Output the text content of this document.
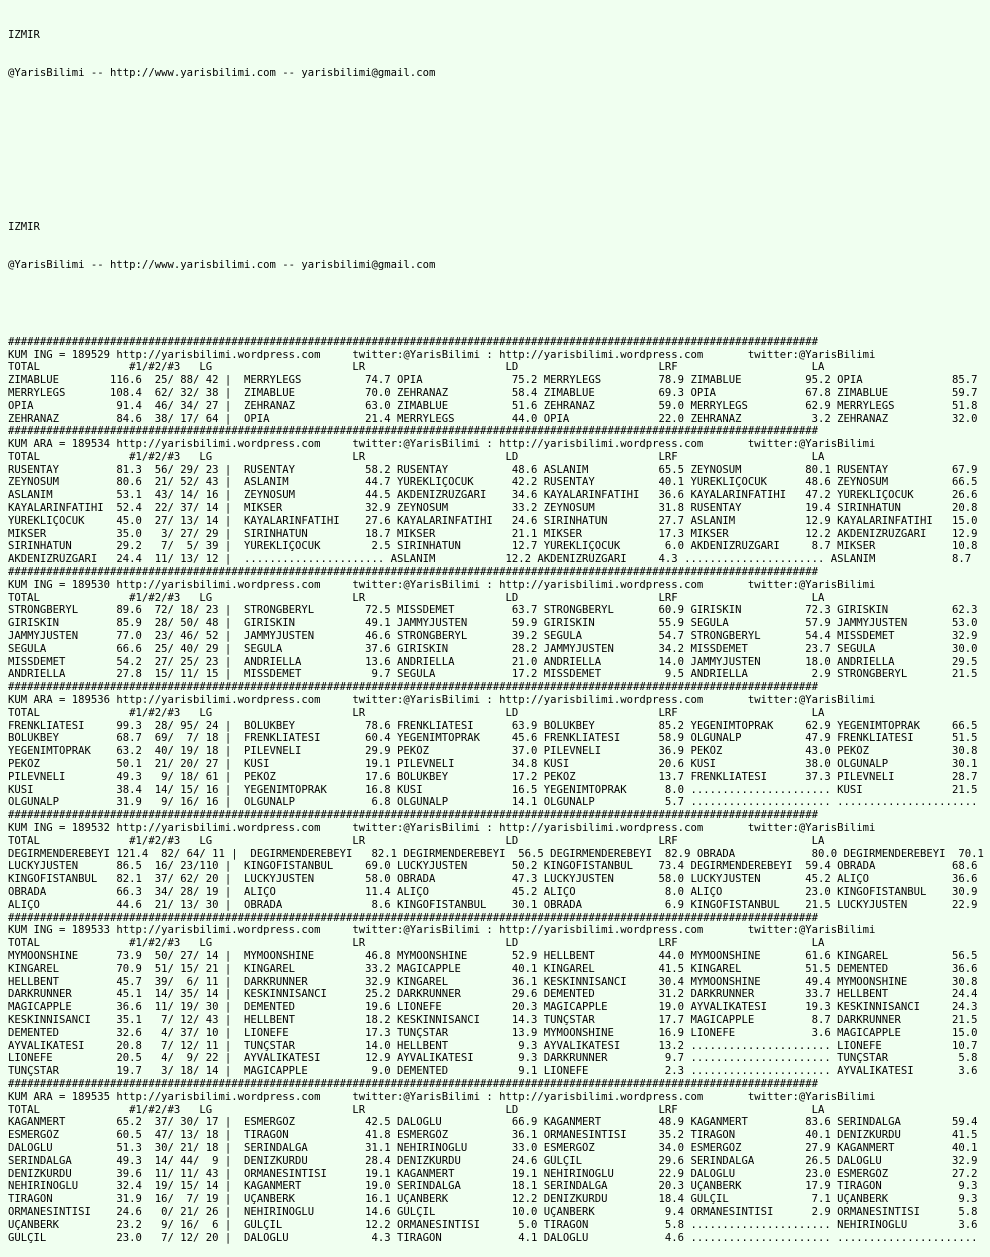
IZMIR

@YarisBilimi -- http://www.yarisbilimi.com -- yarisbilimi@gmail.com

IZMIR

@YarisBilimi -- http://www.yarisbilimi.com -- yarisbilimi@gmail.com

###############################################################################################################################
KUM ING = 189529 http://yarisbilimi.wordpress.com     twitter:@YarisBilimi : http://yarisbilimi.wordpress.com       twitter:@YarisBilimi
TOTAL              #1/#2/#3   LG                      LR                      LD                      LRF                     LA
ZIMABLUE        116.6  25/ 88/ 42 |  MERRYLEGS          74.7 OPIA              75.2 MERRYLEGS         78.9 ZIMABLUE          95.2 OPIA              85.7
MERRYLEGS       108.4  62/ 32/ 38 |  ZIMABLUE           70.0 ZEHRANAZ          58.4 ZIMABLUE          69.3 OPIA              67.8 ZIMABLUE          59.7
OPIA             91.4  46/ 34/ 27 |  ZEHRANAZ           63.0 ZIMABLUE          51.6 ZEHRANAZ          59.0 MERRYLEGS         62.9 MERRYLEGS         51.8
ZEHRANAZ         84.6  38/ 17/ 64 |  OPIA               21.4 MERRYLEGS         44.0 OPIA              22.0 ZEHRANAZ           3.2 ZEHRANAZ          32.0
###############################################################################################################################
KUM ARA = 189534 http://yarisbilimi.wordpress.com     twitter:@YarisBilimi : http://yarisbilimi.wordpress.com       twitter:@YarisBilimi
TOTAL              #1/#2/#3   LG                      LR                      LD                      LRF                     LA
RUSENTAY         81.3  56/ 29/ 23 |  RUSENTAY           58.2 RUSENTAY          48.6 ASLANIM           65.5 ZEYNOSUM          80.1 RUSENTAY          67.9
ZEYNOSUM         80.6  21/ 52/ 43 |  ASLANIM            44.7 YÜREKLIÇOCUK      42.2 RUSENTAY          40.1 YÜREKLIÇOCUK      48.6 ZEYNOSUM          66.5
ASLANIM          53.1  43/ 14/ 16 |  ZEYNOSUM           44.5 AKDENIZRÜZGARI    34.6 KAYALARINFATIHI   36.6 KAYALARINFATIHI   47.2 YÜREKLIÇOCUK      26.6
KAYALARINFATIHI  52.4  22/ 37/ 14 |  MIKSER             32.9 ZEYNOSUM          33.2 ZEYNOSUM          31.8 RUSENTAY          19.4 SIRINHATUN        20.8
YÜREKLIÇOCUK     45.0  27/ 13/ 14 |  KAYALARINFATIHI    27.6 KAYALARINFATIHI   24.6 SIRINHATUN        27.7 ASLANIM           12.9 KAYALARINFATIHI   15.0
MIKSER           35.0   3/ 27/ 29 |  SIRINHATUN         18.7 MIKSER            21.1 MIKSER            17.3 MIKSER            12.2 AKDENIZRÜZGARI    12.9
SIRINHATUN       29.2   7/  5/ 39 |  YÜREKLIÇOCUK        2.5 SIRINHATUN        12.7 YÜREKLIÇOCUK       6.0 AKDENIZRÜZGARI     8.7 MIKSER            10.8
AKDENIZRÜZGARI   24.4  11/ 13/ 12 |  ...................... ASLANIM           12.2 AKDENIZRÜZGARI     4.3 ...................... ASLANIM            8.7
###############################################################################################################################
KUM ING = 189530 http://yarisbilimi.wordpress.com     twitter:@YarisBilimi : http://yarisbilimi.wordpress.com       twitter:@YarisBilimi
TOTAL              #1/#2/#3   LG                      LR                      LD                      LRF                     LA
STRONGBERYL      89.6  72/ 18/ 23 |  STRONGBERYL        72.5 MISSDEMET         63.7 STRONGBERYL       60.9 GIRISKIN          72.3 GIRISKIN          62.3
GIRISKIN         85.9  28/ 50/ 48 |  GIRISKIN           49.1 JAMMYJUSTEN       59.9 GIRISKIN          55.9 SEGULA            57.9 JAMMYJUSTEN       53.0
JAMMYJUSTEN      77.0  23/ 46/ 52 |  JAMMYJUSTEN        46.6 STRONGBERYL       39.2 SEGULA            54.7 STRONGBERYL       54.4 MISSDEMET         32.9
SEGULA           66.6  25/ 40/ 29 |  SEGULA             37.6 GIRISKIN          28.2 JAMMYJUSTEN       34.2 MISSDEMET         23.7 SEGULA            30.0
MISSDEMET        54.2  27/ 25/ 23 |  ANDRIELLA          13.6 ANDRIELLA         21.0 ANDRIELLA         14.0 JAMMYJUSTEN       18.0 ANDRIELLA         29.5
ANDRIELLA        27.8  15/ 11/ 15 |  MISSDEMET           9.7 SEGULA            17.2 MISSDEMET          9.5 ANDRIELLA          2.9 STRONGBERYL       21.5
###############################################################################################################################
KUM ARA = 189536 http://yarisbilimi.wordpress.com     twitter:@YarisBilimi : http://yarisbilimi.wordpress.com       twitter:@YarisBilimi
TOTAL              #1/#2/#3   LG                      LR                      LD                      LRF                     LA
FRENKLIATESI     99.3  28/ 95/ 24 |  BÖLÜKBEY           78.6 FRENKLIATESI      63.9 BÖLÜKBEY          85.2 YEGENIMTOPRAK     62.9 YEGENIMTOPRAK     66.5
BÖLÜKBEY         68.7  69/  7/ 18 |  FRENKLIATESI       60.4 YEGENIMTOPRAK     45.6 FRENKLIATESI      58.9 OLGUNALP          47.9 FRENKLIATESI      51.5
YEGENIMTOPRAK    63.2  40/ 19/ 18 |  PILEVNELI          29.9 PEKÖZ             37.0 PILEVNELI         36.9 PEKÖZ             43.0 PEKÖZ             30.8
PEKÖZ            50.1  21/ 20/ 27 |  KÜSI               19.1 PILEVNELI         34.8 KÜSI              20.6 KÜSI              38.0 OLGUNALP          30.1
PILEVNELI        49.3   9/ 18/ 61 |  PEKÖZ              17.6 BÖLÜKBEY          17.2 PEKÖZ             13.7 FRENKLIATESI      37.3 PILEVNELI         28.7
KÜSI             38.4  14/ 15/ 16 |  YEGENIMTOPRAK      16.8 KÜSI              16.5 YEGENIMTOPRAK      8.0 ...................... KÜSI              21.5
OLGUNALP         31.9   9/ 16/ 16 |  OLGUNALP            6.8 OLGUNALP          14.1 OLGUNALP           5.7 ...................... ......................
###############################################################################################################################
KUM ING = 189532 http://yarisbilimi.wordpress.com     twitter:@YarisBilimi : http://yarisbilimi.wordpress.com       twitter:@YarisBilimi
TOTAL              #1/#2/#3   LG                      LR                      LD                      LRF                     LA
DEGIRMENDEREBEYI 121.4  82/ 64/ 11 |  DEGIRMENDEREBEYI   82.1 DEGIRMENDEREBEYI  56.5 DEGIRMENDEREBEYI  82.9 OBRADA            80.0 DEGIRMENDEREBEYI  70.1
LUCKYJUSTEN      86.5  16/ 23/110 |  KINGOFISTANBUL     69.0 LUCKYJUSTEN       50.2 KINGOFISTANBUL    73.4 DEGIRMENDEREBEYI  59.4 OBRADA            68.6
KINGOFISTANBUL   82.1  37/ 62/ 20 |  LUCKYJUSTEN        58.0 OBRADA            47.3 LUCKYJUSTEN       58.0 LUCKYJUSTEN       45.2 ALIÇO             36.6
OBRADA           66.3  34/ 28/ 19 |  ALIÇO              11.4 ALIÇO             45.2 ALIÇO              8.0 ALIÇO             23.0 KINGOFISTANBUL    30.9
ALIÇO            44.6  21/ 13/ 30 |  OBRADA              8.6 KINGOFISTANBUL    30.1 OBRADA             6.9 KINGOFISTANBUL    21.5 LUCKYJUSTEN       22.9
###############################################################################################################################
KUM ING = 189533 http://yarisbilimi.wordpress.com     twitter:@YarisBilimi : http://yarisbilimi.wordpress.com       twitter:@YarisBilimi
TOTAL              #1/#2/#3   LG                      LR                      LD                      LRF                     LA
MYMOONSHINE      73.9  50/ 27/ 14 |  MYMOONSHINE        46.8 MYMOONSHINE       52.9 HELLBENT          44.0 MYMOONSHINE       61.6 KINGAREL          56.5
KINGAREL         70.9  51/ 15/ 21 |  KINGAREL           33.2 MAGICAPPLE        40.1 KINGAREL          41.5 KINGAREL          51.5 DEMENTED          36.6
HELLBENT         45.7  39/  6/ 11 |  DARKRUNNER         32.9 KINGAREL          36.1 KESKINNISANCI     30.4 MYMOONSHINE       49.4 MYMOONSHINE       30.8
DARKRUNNER       45.1  14/ 35/ 14 |  KESKINNISANCI      25.2 DARKRUNNER        29.6 DEMENTED          31.2 DARKRUNNER        33.7 HELLBENT          24.4
MAGICAPPLE       36.6  11/ 19/ 30 |  DEMENTED           19.6 LIONEFE           20.3 MAGICAPPLE        19.0 AYVALIKATESI      19.3 KESKINNISANCI     24.3
KESKINNISANCI    35.1   7/ 12/ 43 |  HELLBENT           18.2 KESKINNISANCI     14.3 TUNÇSTAR          17.7 MAGICAPPLE         8.7 DARKRUNNER        21.5
DEMENTED         32.6   4/ 37/ 10 |  LIONEFE            17.3 TUNÇSTAR          13.9 MYMOONSHINE       16.9 LIONEFE            3.6 MAGICAPPLE        15.0
AYVALIKATESI     20.8   7/ 12/ 11 |  TUNÇSTAR           14.0 HELLBENT           9.3 AYVALIKATESI      13.2 ...................... LIONEFE           10.7
LIONEFE          20.5   4/  9/ 22 |  AYVALIKATESI       12.9 AYVALIKATESI       9.3 DARKRUNNER         9.7 ...................... TUNÇSTAR           5.8
TUNÇSTAR         19.7   3/ 18/ 14 |  MAGICAPPLE          9.0 DEMENTED           9.1 LIONEFE            2.3 ...................... AYVALIKATESI       3.6
###############################################################################################################################
KUM ARA = 189535 http://yarisbilimi.wordpress.com     twitter:@YarisBilimi : http://yarisbilimi.wordpress.com       twitter:@YarisBilimi
TOTAL              #1/#2/#3   LG                      LR                      LD                      LRF                     LA
KAGANMERT        65.2  37/ 30/ 17 |  ESMERGÖZ           42.5 DALOGLU           66.9 KAGANMERT         48.9 KAGANMERT         83.6 SERINDALGA        59.4
ESMERGÖZ         60.5  47/ 13/ 18 |  TIRAGON            41.8 ESMERGÖZ          36.1 ORMANESINTISI     35.2 TIRAGON           40.1 DENIZKURDU        41.5
DALOGLU          51.3  30/ 21/ 18 |  SERINDALGA         31.1 NEHIRINOGLU       33.0 ESMERGÖZ          34.0 ESMERGÖZ          27.9 KAGANMERT         40.1
SERINDALGA       49.3  14/ 44/  9 |  DENIZKURDU         28.4 DENIZKURDU        24.6 GÜLÇIL            29.6 SERINDALGA        26.5 DALOGLU           32.9
DENIZKURDU       39.6  11/ 11/ 43 |  ORMANESINTISI      19.1 KAGANMERT         19.1 NEHIRINOGLU       22.9 DALOGLU           23.0 ESMERGÖZ          27.2
NEHIRINOGLU      32.4  19/ 15/ 14 |  KAGANMERT          19.0 SERINDALGA        18.1 SERINDALGA        20.3 UÇANBERK          17.9 TIRAGON            9.3
TIRAGON          31.9  16/  7/ 19 |  UÇANBERK           16.1 UÇANBERK          12.2 DENIZKURDU        18.4 GÜLÇIL             7.1 UÇANBERK           9.3
ORMANESINTISI    24.6   0/ 21/ 26 |  NEHIRINOGLU        14.6 GÜLÇIL            10.0 UÇANBERK           9.4 ORMANESINTISI      2.9 ORMANESINTISI      5.8
UÇANBERK         23.2   9/ 16/  6 |  GÜLÇIL             12.2 ORMANESINTISI      5.0 TIRAGON            5.8 ...................... NEHIRINOGLU        3.6
GÜLÇIL           23.0   7/ 12/ 20 |  DALOGLU             4.3 TIRAGON            4.1 DALOGLU            4.6 ...................... ......................
